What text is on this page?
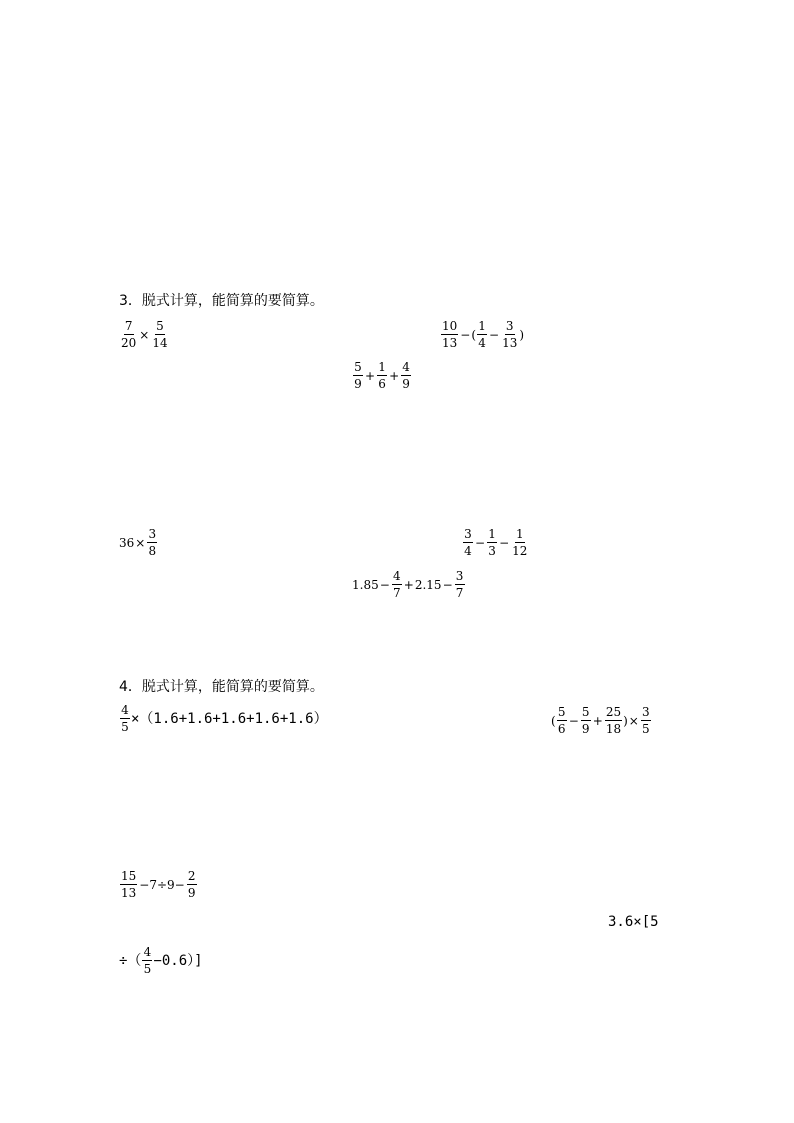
3．脱式计算，能简算的要简算。
$\frac{7}{20} \times \frac{5}{14}$	$\frac{10}{13}$ − ( $\frac{1}{4} - \frac{3}{13}$ )
$\frac{5}{9} + \frac{1}{6} + \frac{4}{9}$
$36 \times \frac{3}{8}$	$\frac{3}{4} - \frac{1}{3} - \frac{1}{12}$
$1.85 - \frac{4}{7} + 2.15 - \frac{3}{7}$
4．脱式计算，能简算的要简算。
$\frac{4}{5} \times(1.6+1.6+1.6+1.6+1.6)$	( $\frac{5}{6} - \frac{5}{9} + \frac{25}{18}$ ) × $\frac{3}{5}$
$\frac{15}{13} -7\div 9- \frac{2}{9}$
3.6×[5
÷（ $\frac{4}{5} -0.6$）]
